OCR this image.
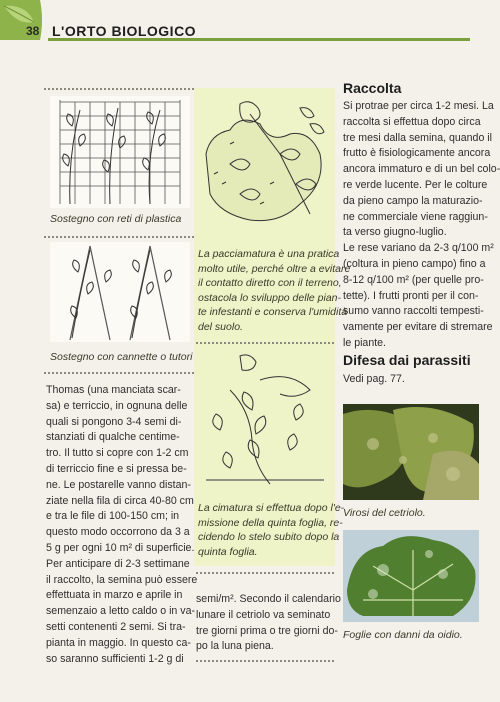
38 L'ORTO BIOLOGICO
Sostegno con reti di plastica
Sostegno con cannette o tutori
Thomas (una manciata scar-
sa) e terriccio, in ognuna delle
quali si pongono 3-4 semi di-
stanziati di qualche centime-
tro. Il tutto si copre con 1-2 cm
di terriccio fine e si pressa be-
ne. Le postarelle vanno distan-
ziate nella fila di circa 40-80 cm
e tra le file di 100-150 cm; in
questo modo occorrono da 3 a
5 g per ogni 10 m² di superficie.
Per anticipare di 2-3 settimane
il raccolto, la semina può essere
effettuata in marzo e aprile in
semenzaio a letto caldo o in va-
setti contenenti 2 semi. Si tra-
pianta in maggio. In questo ca-
so saranno sufficienti 1-2 g di
La pacciamatura è una pratica
molto utile, perché oltre a evitare
il contatto diretto con il terreno,
ostacola lo sviluppo delle pian-
te infestanti e conserva l'umidità
del suolo.
La cimatura si effettua dopo l'e-
missione della quinta foglia, re-
cidendo lo stelo subito dopo la
quinta foglia.
semi/m². Secondo il calendario
lunare il cetriolo va seminato
tre giorni prima o tre giorni do-
po la luna piena.
Raccolta
Si protrae per circa 1-2 mesi. La
raccolta si effettua dopo circa
tre mesi dalla semina, quando il
frutto è fisiologicamente ancora
ancora immaturo e di un bel colo-
re verde lucente. Per le colture
da pieno campo la maturazio-
ne commerciale viene raggiun-
ta verso giugno-luglio.
Le rese variano da 2-3 q/100 m²
(coltura in pieno campo) fino a
8-12 q/100 m² (per quelle pro-
tette). I frutti pronti per il con-
sumo vanno raccolti tempesti-
vamente per evitare di stremare
le piante.
Difesa dai parassiti
Vedi pag. 77.
Virosi del cetriolo.
Foglie con danni da oidio.
